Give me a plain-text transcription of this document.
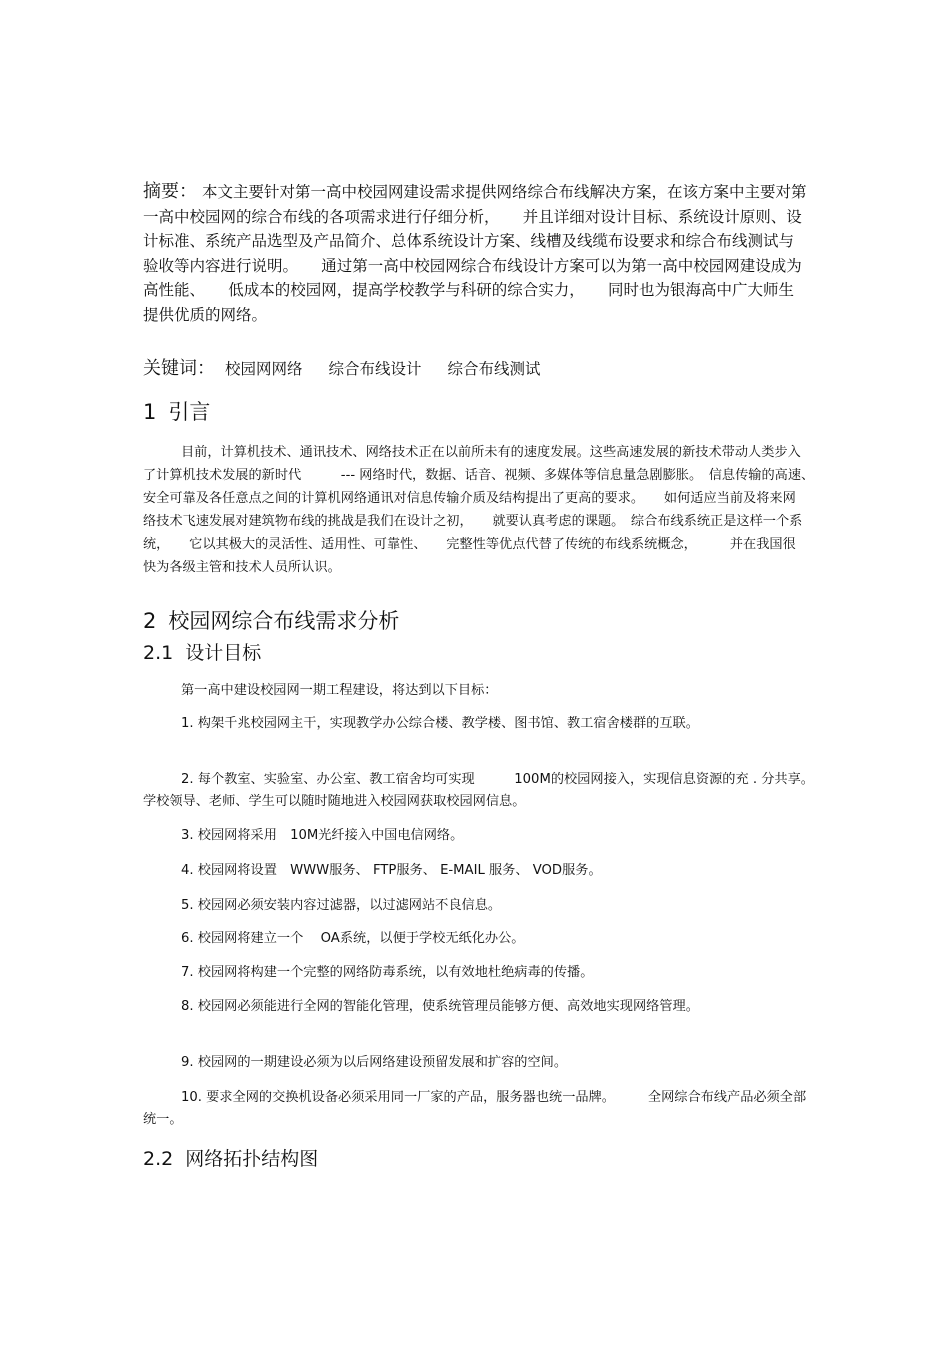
摘要： 本文主要针对第一高中校园网建设需求提供网络综合布线解决方案，在该方案中主要对第一高中校园网的综合布线的各项需求进行仔细分析，　　并且详细对设计目标、系统设计原则、设计标准、系统产品选型及产品简介、总体系统设计方案、线槽及线缆布设要求和综合布线测试与验收等内容进行说明。　　通过第一高中校园网综合布线设计方案可以为第一高中校园网建设成为高性能、　　低成本的校园网，提高学校教学与科研的综合实力，　　同时也为银海高中广大师生提供优质的网络。

关键词： 校园网网络 综合布线设计 综合布线测试

1 引言

目前，计算机技术、通讯技术、网络技术正在以前所未有的速度发展。这些高速发展的新技术带动人类步入了计算机技术发展的新时代　　　--- 网络时代，数据、话音、视频、多媒体等信息量急剧膨胀。　信息传输的高速、　安全可靠及各任意点之间的计算机网络通讯对信息传输介质及结构提出了更高的要求。　　如何适应当前及将来网络技术飞速发展对建筑物布线的挑战是我们在设计之初，　　就要认真考虑的课题。　综合布线系统正是这样一个系统，　　它以其极大的灵活性、适用性、可靠性、　　完整性等优点代替了传统的布线系统概念，　　　并在我国很快为各级主管和技术人员所认识。

2 校园网综合布线需求分析
2.1 设计目标

第一高中建设校园网一期工程建设，将达到以下目标：

1. 构架千兆校园网主干，实现教学办公综合楼、教学楼、图书馆、教工宿舍楼群的互联。

2. 每个教室、实验室、办公室、教工宿舍均可实现　　　100M的校园网接入，实现信息资源的充 . 分共享。　学校领导、老师、学生可以随时随地进入校园网获取校园网信息。

3. 校园网将采用　10M光纤接入中国电信网络。

4. 校园网将设置　WWW服务、 FTP服务、 E-MAIL 服务、 VOD服务。

5. 校园网必须安装内容过滤器，以过滤网站不良信息。

6. 校园网将建立一个　 OA系统，以便于学校无纸化办公。

7. 校园网将构建一个完整的网络防毒系统，以有效地杜绝病毒的传播。

8. 校园网必须能进行全网的智能化管理，使系统管理员能够方便、高效地实现网络管理。

9. 校园网的一期建设必须为以后网络建设预留发展和扩容的空间。

10. 要求全网的交换机设备必须采用同一厂家的产品，服务器也统一品牌。　　　全网综合布线产品必须全部统一。

2.2 网络拓扑结构图
